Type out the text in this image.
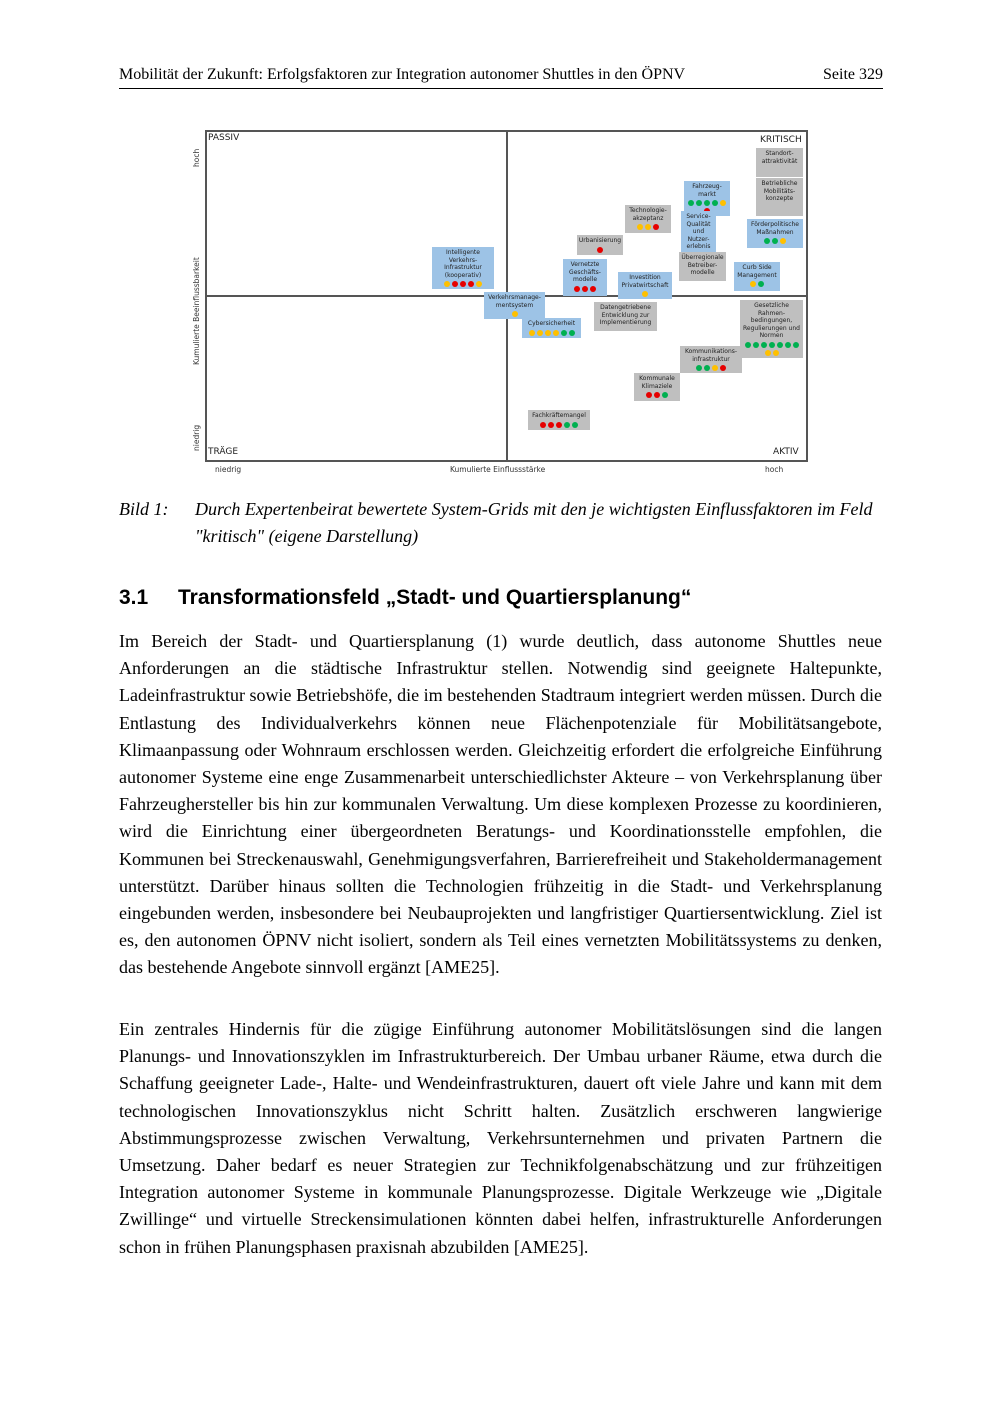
Mobilität der Zukunft: Erfolgsfaktoren zur Integration autonomer Shuttles in den ÖPNV	Seite 329
PASSIV	KRITISCH
TRÄGE	AKTIV
niedrig	Kumulierte Einflussstärke	hoch
hoch
Kumulierte Beeinflussbarkeit
niedrig
Intelligente Verkehrs-Infrastruktur (kooperativ)
Verkehrsmanage-mentsystem
Cybersicherheit
Datengetriebene Entwicklung zur Implementierung
Fachkräftemangel
Kommunale Klimaziele
Kommunikations-infrastruktur
Gesetzliche Rahmen-bedingungen, Regulierungen und Normen
Vernetzte Geschäfts-modelle
Urbanisierung
Technologie-akzeptanz
Investition Privatwirtschaft
Fahrzeug-markt
Service-Qualität und Nutzer-erlebnis
Überregionale Betreiber-modelle
Standort-attraktivität
Betriebliche Mobilitäts-konzepte
Förderpolitische Maßnahmen
Curb Side Management
Bild 1:	Durch Expertenbeirat bewertete System-Grids mit den je wichtigsten Einflussfaktoren im Feld "kritisch" (eigene Darstellung)
3.1 Transformationsfeld „Stadt- und Quartiersplanung“

Im Bereich der Stadt- und Quartiersplanung (1) wurde deutlich, dass autonome Shuttles neue Anforderungen an die städtische Infrastruktur stellen. Notwendig sind geeignete Haltepunkte, Ladeinfrastruktur sowie Betriebshöfe, die im bestehenden Stadtraum integriert werden müssen. Durch die Entlastung des Individualverkehrs können neue Flächenpotenziale für Mobilitätsangebote, Klimaanpassung oder Wohnraum erschlossen werden. Gleichzeitig erfordert die erfolgreiche Einführung autonomer Systeme eine enge Zusammenarbeit unterschiedlichster Akteure – von Verkehrsplanung über Fahrzeughersteller bis hin zur kommunalen Verwaltung. Um diese komplexen Prozesse zu koordinieren, wird die Einrichtung einer übergeordneten Beratungs- und Koordinationsstelle empfohlen, die Kommunen bei Streckenauswahl, Genehmigungsverfahren, Barrierefreiheit und Stakeholdermanagement unterstützt. Darüber hinaus sollten die Technologien frühzeitig in die Stadt- und Verkehrsplanung eingebunden werden, insbesondere bei Neubauprojekten und langfristiger Quartiersentwicklung. Ziel ist es, den autonomen ÖPNV nicht isoliert, sondern als Teil eines vernetzten Mobilitätssystems zu denken, das bestehende Angebote sinnvoll ergänzt [AME25].

Ein zentrales Hindernis für die zügige Einführung autonomer Mobilitätslösungen sind die langen Planungs- und Innovationszyklen im Infrastrukturbereich. Der Umbau urbaner Räume, etwa durch die Schaffung geeigneter Lade-, Halte- und Wendeinfrastrukturen, dauert oft viele Jahre und kann mit dem technologischen Innovationszyklus nicht Schritt halten. Zusätzlich erschweren langwierige Abstimmungsprozesse zwischen Verwaltung, Verkehrsunternehmen und privaten Partnern die Umsetzung. Daher bedarf es neuer Strategien zur Technikfolgenabschätzung und zur frühzeitigen Integration autonomer Systeme in kommunale Planungsprozesse. Digitale Werkzeuge wie „Digitale Zwillinge“ und virtuelle Streckensimulationen könnten dabei helfen, infrastrukturelle Anforderungen schon in frühen Planungsphasen praxisnah abzubilden [AME25].
